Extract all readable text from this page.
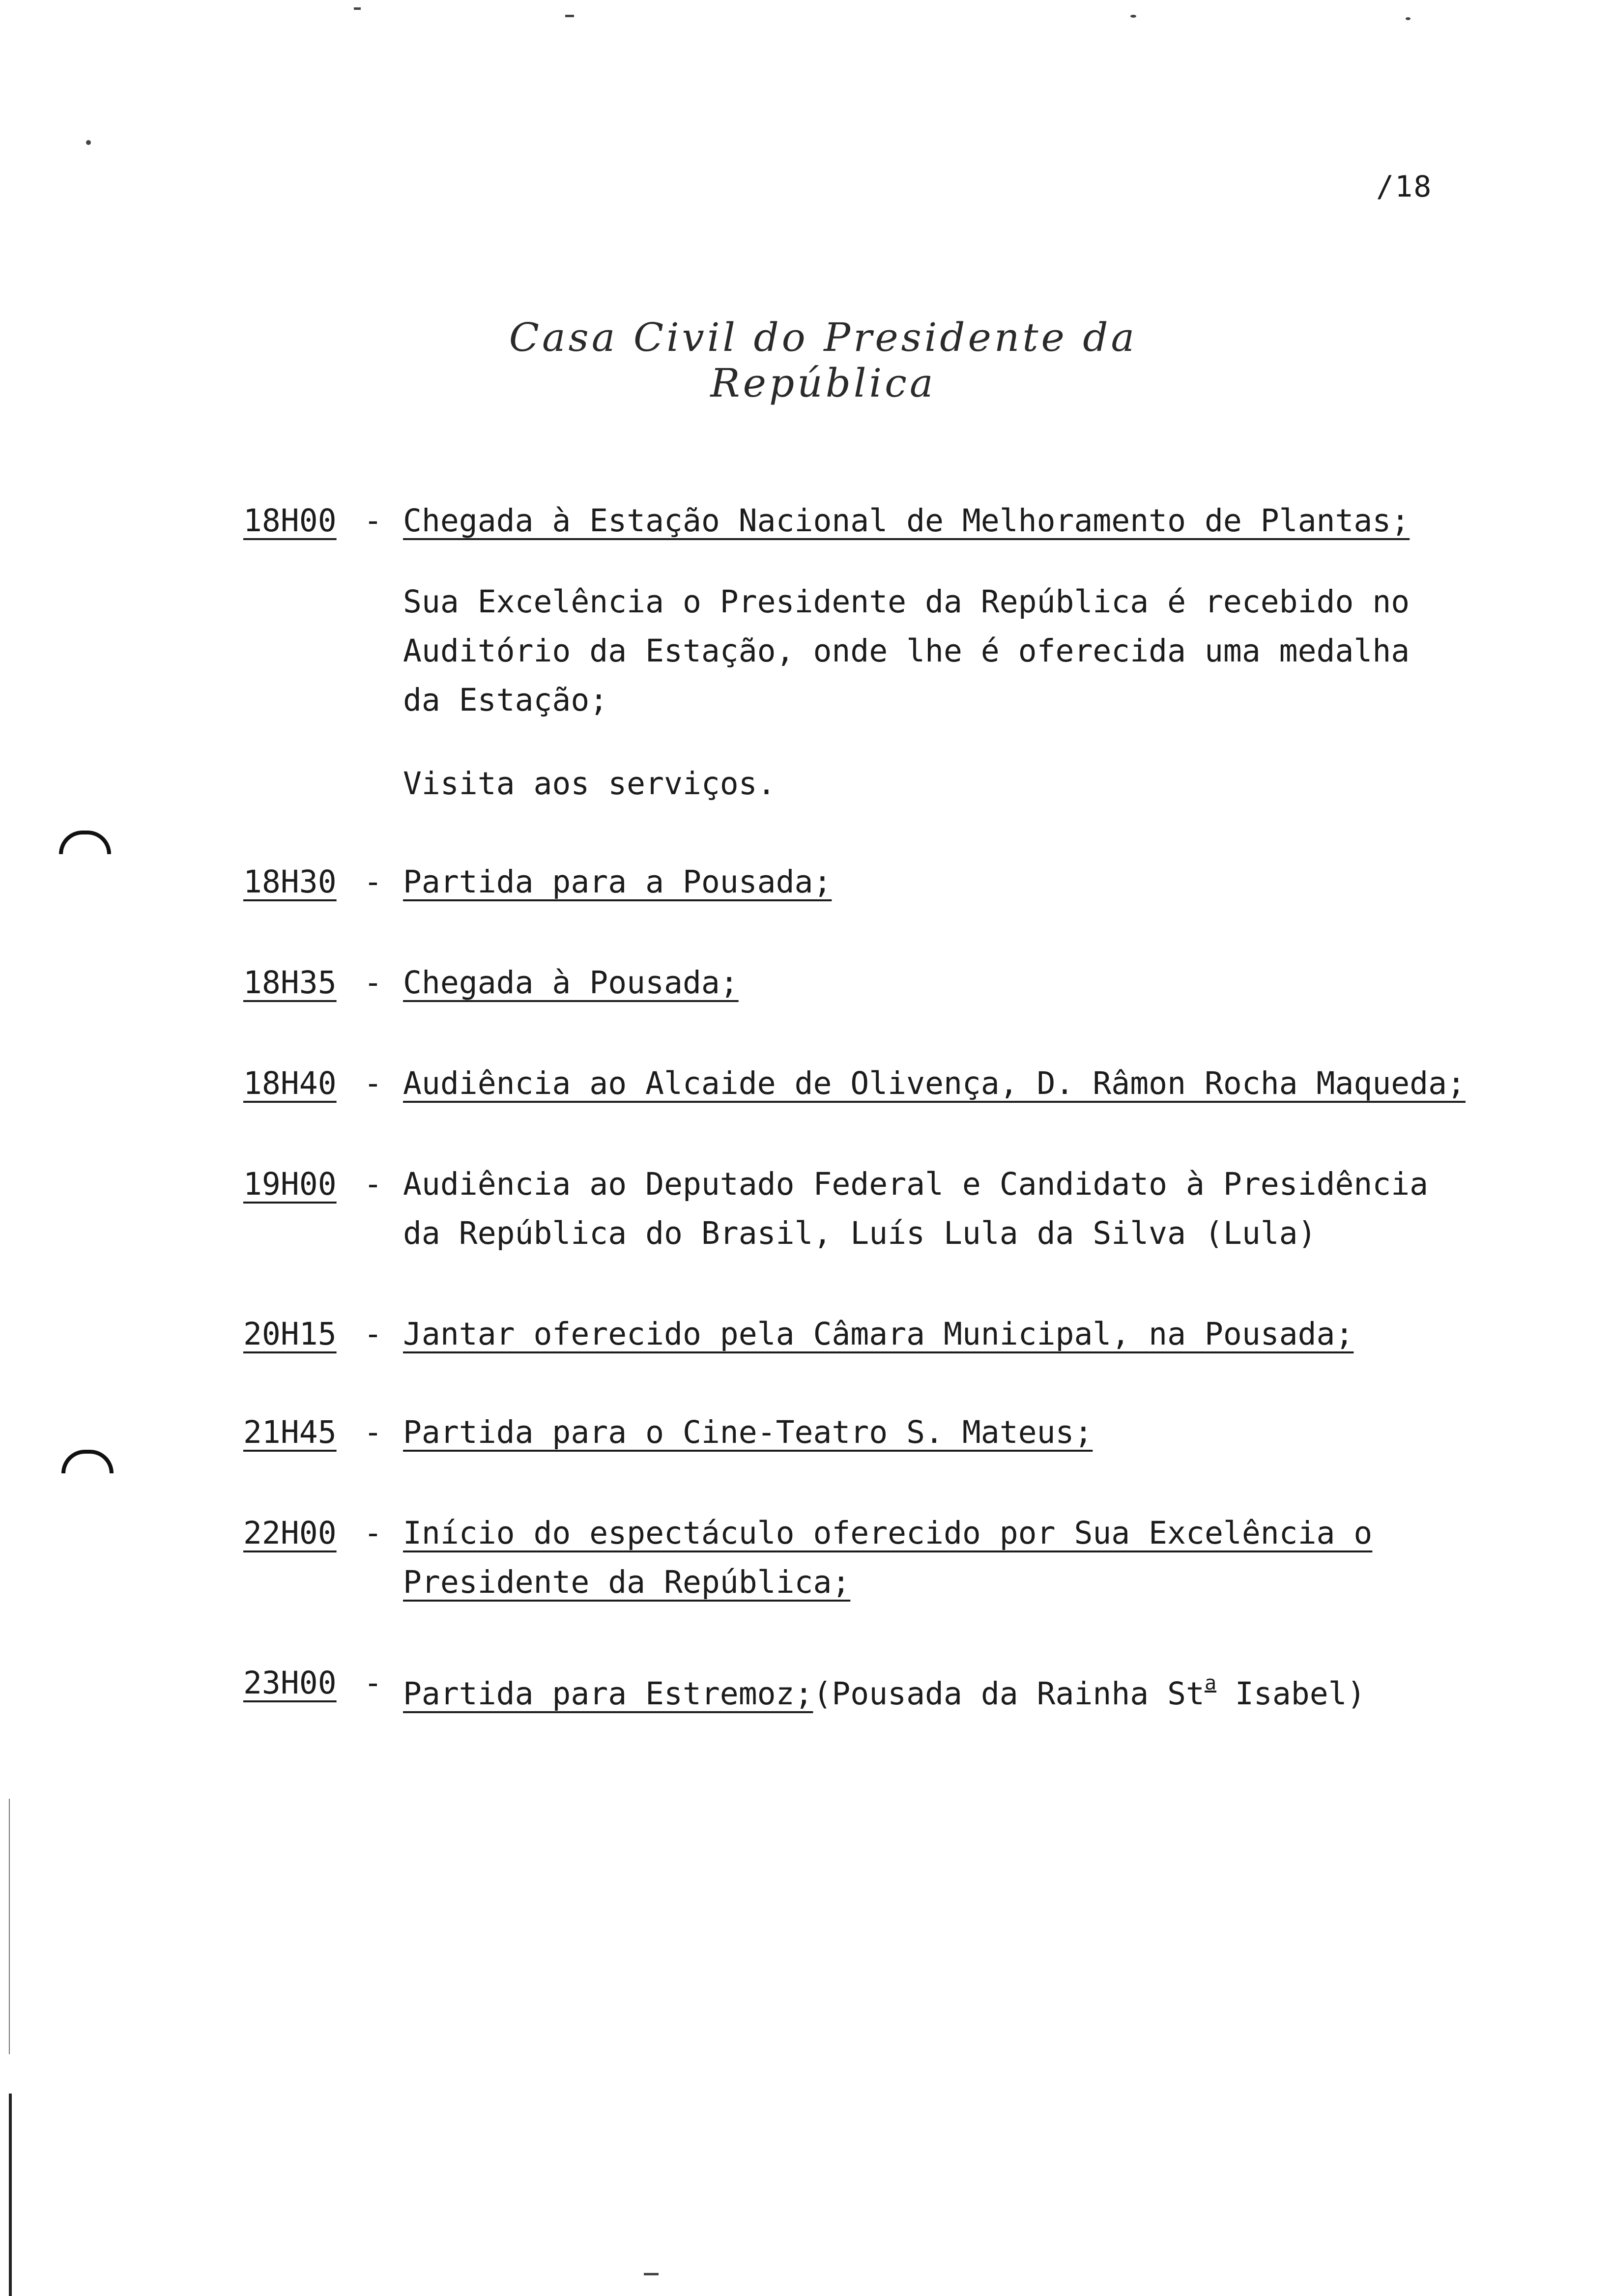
/18
Casa Civil do Presidente da República
18H00 - Chegada à Estação Nacional de Melhoramento de Plantas;
Sua Excelência o Presidente da República é recebido no
Auditório da Estação, onde lhe é oferecida uma medalha
da Estação;
Visita aos serviços.
18H30 - Partida para a Pousada;
18H35 - Chegada à Pousada;
18H40 - Audiência ao Alcaide de Olivença, D. Râmon Rocha Maqueda;
19H00 - Audiência ao Deputado Federal e Candidato à Presidência
da República do Brasil, Luís Lula da Silva (Lula)
20H15 - Jantar oferecido pela Câmara Municipal, na Pousada;
21H45 - Partida para o Cine-Teatro S. Mateus;
22H00 - Início do espectáculo oferecido por Sua Excelência o
Presidente da República;
23H00 - Partida para Estremoz;(Pousada da Rainha St$^a$ Isabel)
